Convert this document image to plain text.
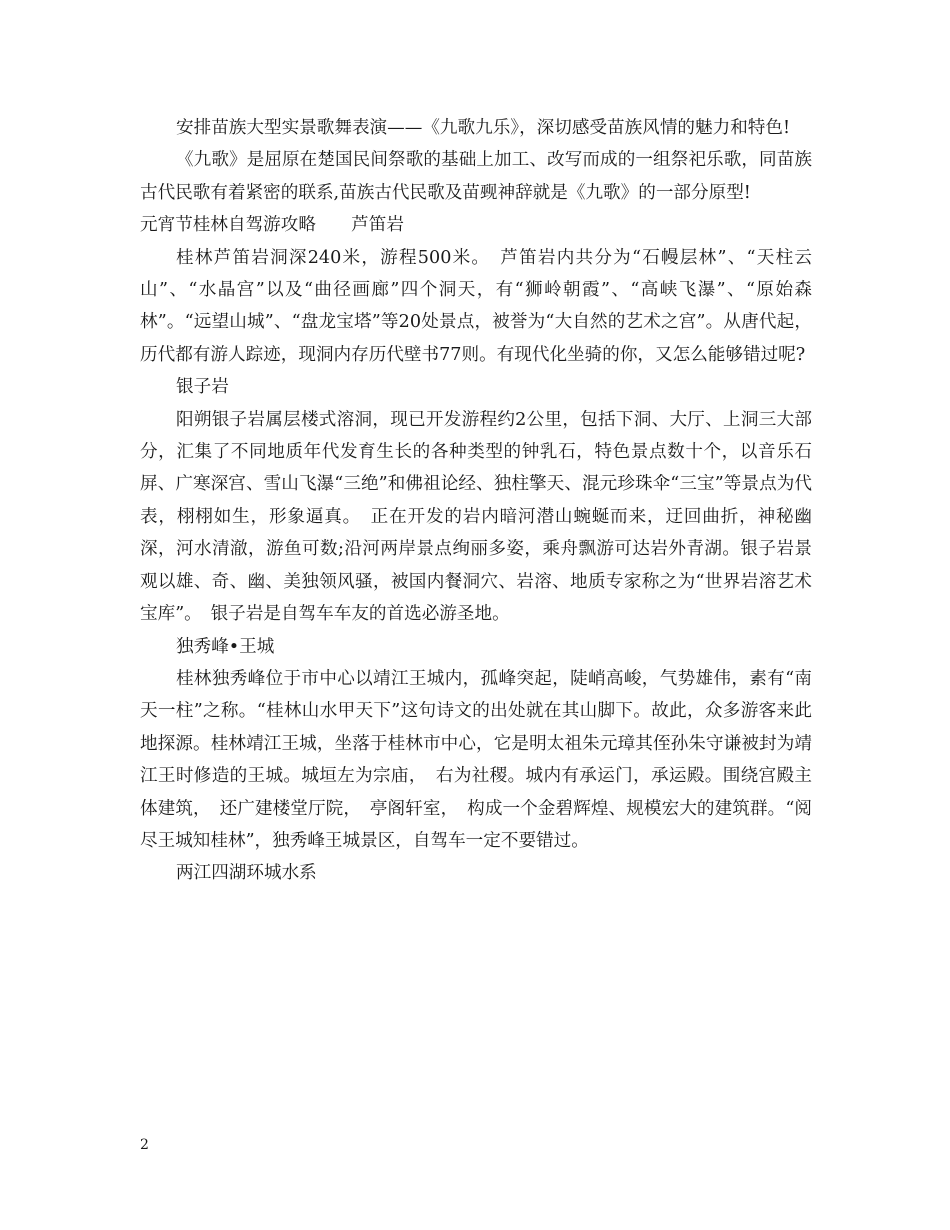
安排苗族大型实景歌舞表演——《九歌九乐》，深切感受苗族风情的魅力和特色!

《九歌》是屈原在楚国民间祭歌的基础上加工、改写而成的一组祭祀乐歌，同苗族古代民歌有着紧密的联系,苗族古代民歌及苗觋神辞就是《九歌》的一部分原型!

元宵节桂林自驾游攻略　　芦笛岩

桂林芦笛岩洞深240米，游程500米。　芦笛岩内共分为“石幔层林”、“天柱云山”、“水晶宫”以及“曲径画廊”四个洞天，有“狮岭朝霞”、“高峡飞瀑”、“原始森林”。“远望山城”、“盘龙宝塔”等20处景点，被誉为“大自然的艺术之宫”。从唐代起，历代都有游人踪迹，现洞内存历代壁书77则。有现代化坐骑的你，又怎么能够错过呢?

银子岩

阳朔银子岩属层楼式溶洞，现已开发游程约2公里，包括下洞、大厅、上洞三大部分，汇集了不同地质年代发育生长的各种类型的钟乳石，特色景点数十个，以音乐石屏、广寒深宫、雪山飞瀑“三绝”和佛祖论经、独柱擎天、混元珍珠伞“三宝”等景点为代表，栩栩如生，形象逼真。　正在开发的岩内暗河潜山蜿蜒而来，迂回曲折，神秘幽深，河水清澈，游鱼可数;沿河两岸景点绚丽多姿，乘舟飘游可达岩外青湖。银子岩景观以雄、奇、幽、美独领风骚，被国内餐洞穴、岩溶、地质专家称之为“世界岩溶艺术宝库”。　银子岩是自驾车车友的首选必游圣地。

独秀峰•王城

桂林独秀峰位于市中心以靖江王城内，孤峰突起，陡峭高峻，气势雄伟，素有“南天一柱”之称。“桂林山水甲天下”这句诗文的出处就在其山脚下。故此，众多游客来此地探源。桂林靖江王城，坐落于桂林市中心，它是明太祖朱元璋其侄孙朱守谦被封为靖江王时修造的王城。城垣左为宗庙，　右为社稷。城内有承运门，承运殿。围绕宫殿主体建筑，　还广建楼堂厅院，　亭阁轩室，　构成一个金碧辉煌、规模宏大的建筑群。“阅尽王城知桂林”，独秀峰王城景区，自驾车一定不要错过。

两江四湖环城水系

2
